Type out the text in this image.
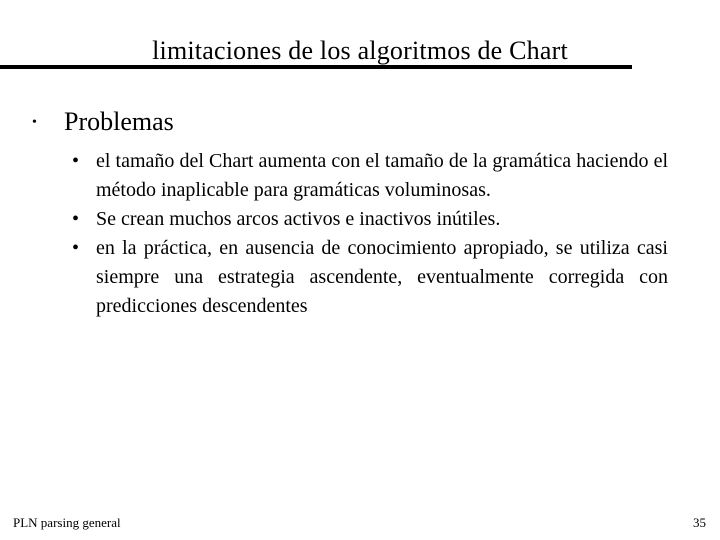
limitaciones de los algoritmos de Chart
• Problemas
• el tamaño del Chart aumenta con el tamaño de la gramática haciendo el método inaplicable para gramáticas voluminosas.
• Se crean muchos arcos activos e inactivos inútiles.
• en la práctica, en ausencia de conocimiento apropiado, se utiliza casi siempre una estrategia ascendente, eventualmente corregida con predicciones descendentes
PLN parsing general	35
